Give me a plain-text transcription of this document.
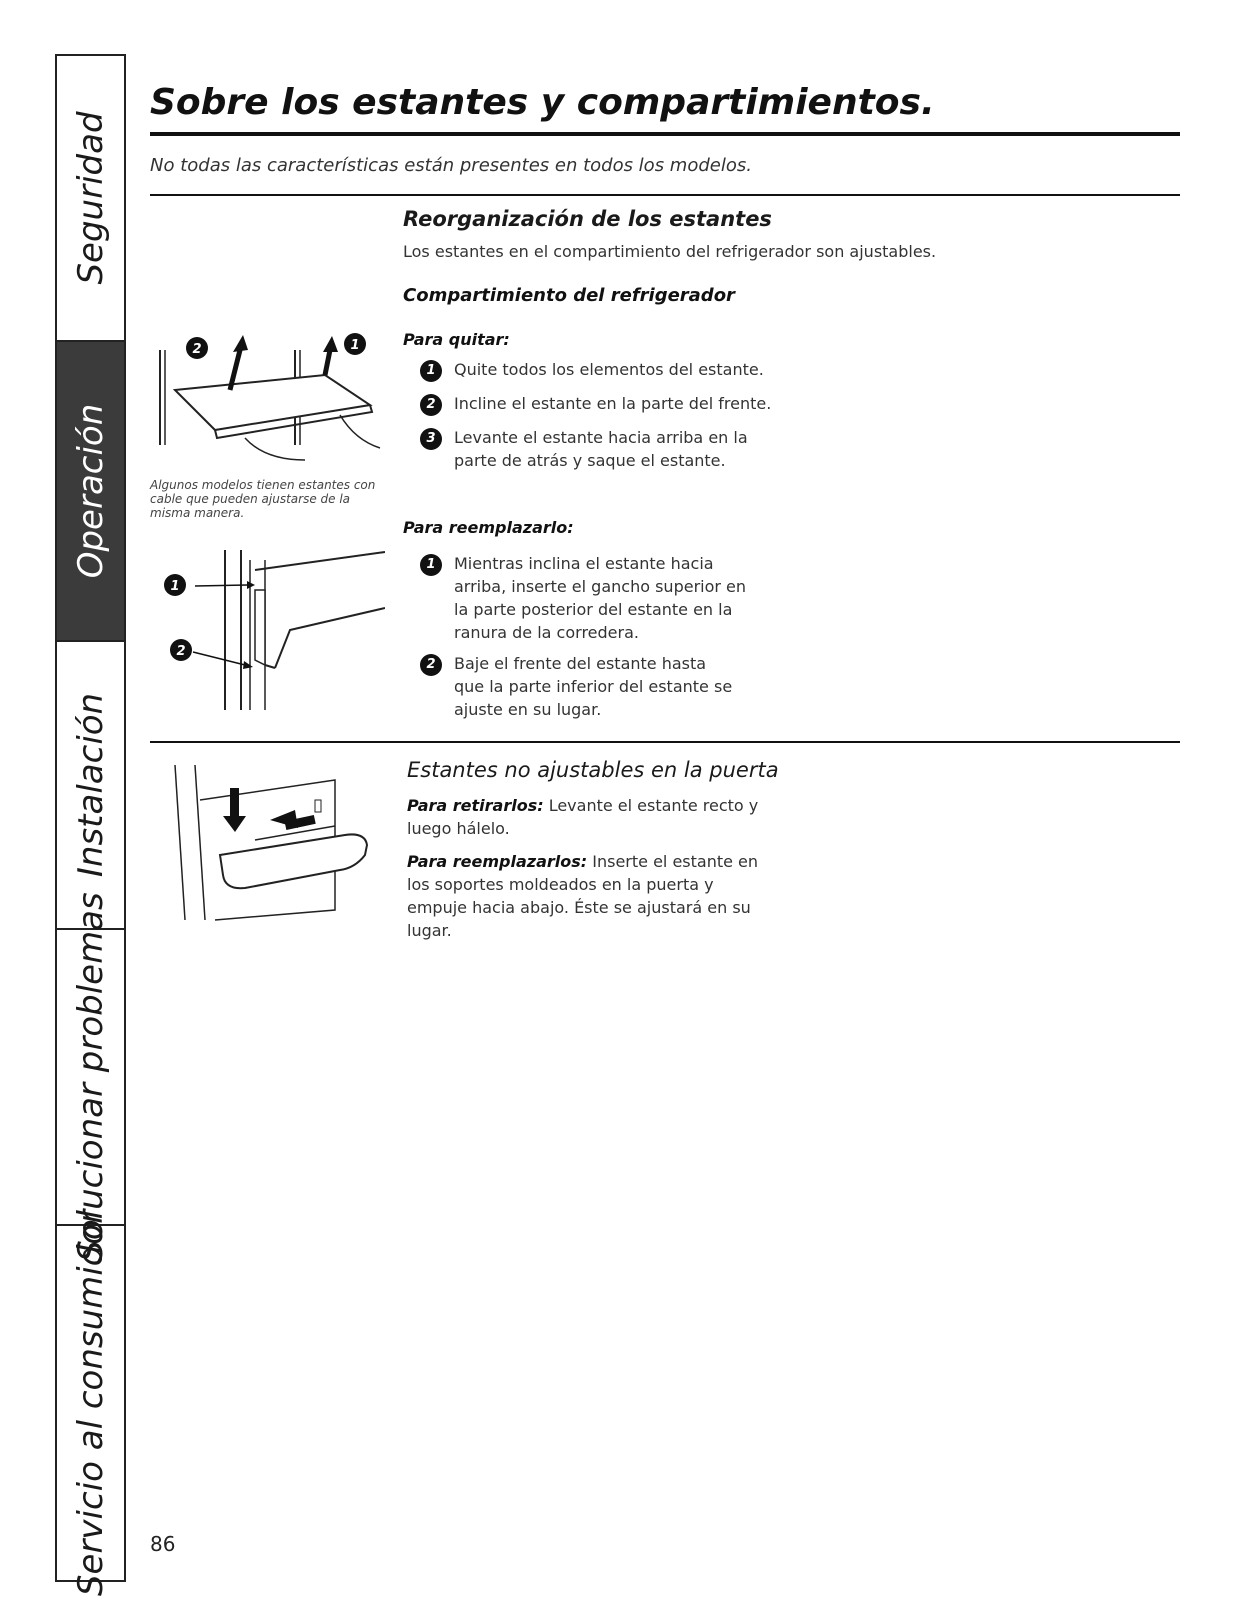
Seguridad
Operación
Instalación
Solucionar problemas
Servicio al consumidor
Sobre los estantes y compartimientos.
No todas las características están presentes en todos los modelos.
Reorganización de los estantes
Los estantes en el compartimiento del refrigerador son ajustables.
Compartimiento del refrigerador
Para quitar:
1	Quite todos los elementos del estante.
2	Incline el estante en la parte del frente.
3	Levante el estante hacia arriba en la parte de atrás y saque el estante.
Para reemplazarlo:
1	Mientras inclina el estante hacia arriba, inserte el gancho superior en la parte posterior del estante en la ranura de la corredera.
2	Baje el frente del estante hasta que la parte inferior del estante se ajuste en su lugar.
2	1
Algunos modelos tienen estantes con cable que pueden ajustarse de la misma manera.
1
2
Estantes no ajustables en la puerta
Para retirarlos: Levante el estante recto y luego hálelo.
Para reemplazarlos: Inserte el estante en los soportes moldeados en la puerta y empuje hacia abajo. Éste se ajustará en su lugar.
86
